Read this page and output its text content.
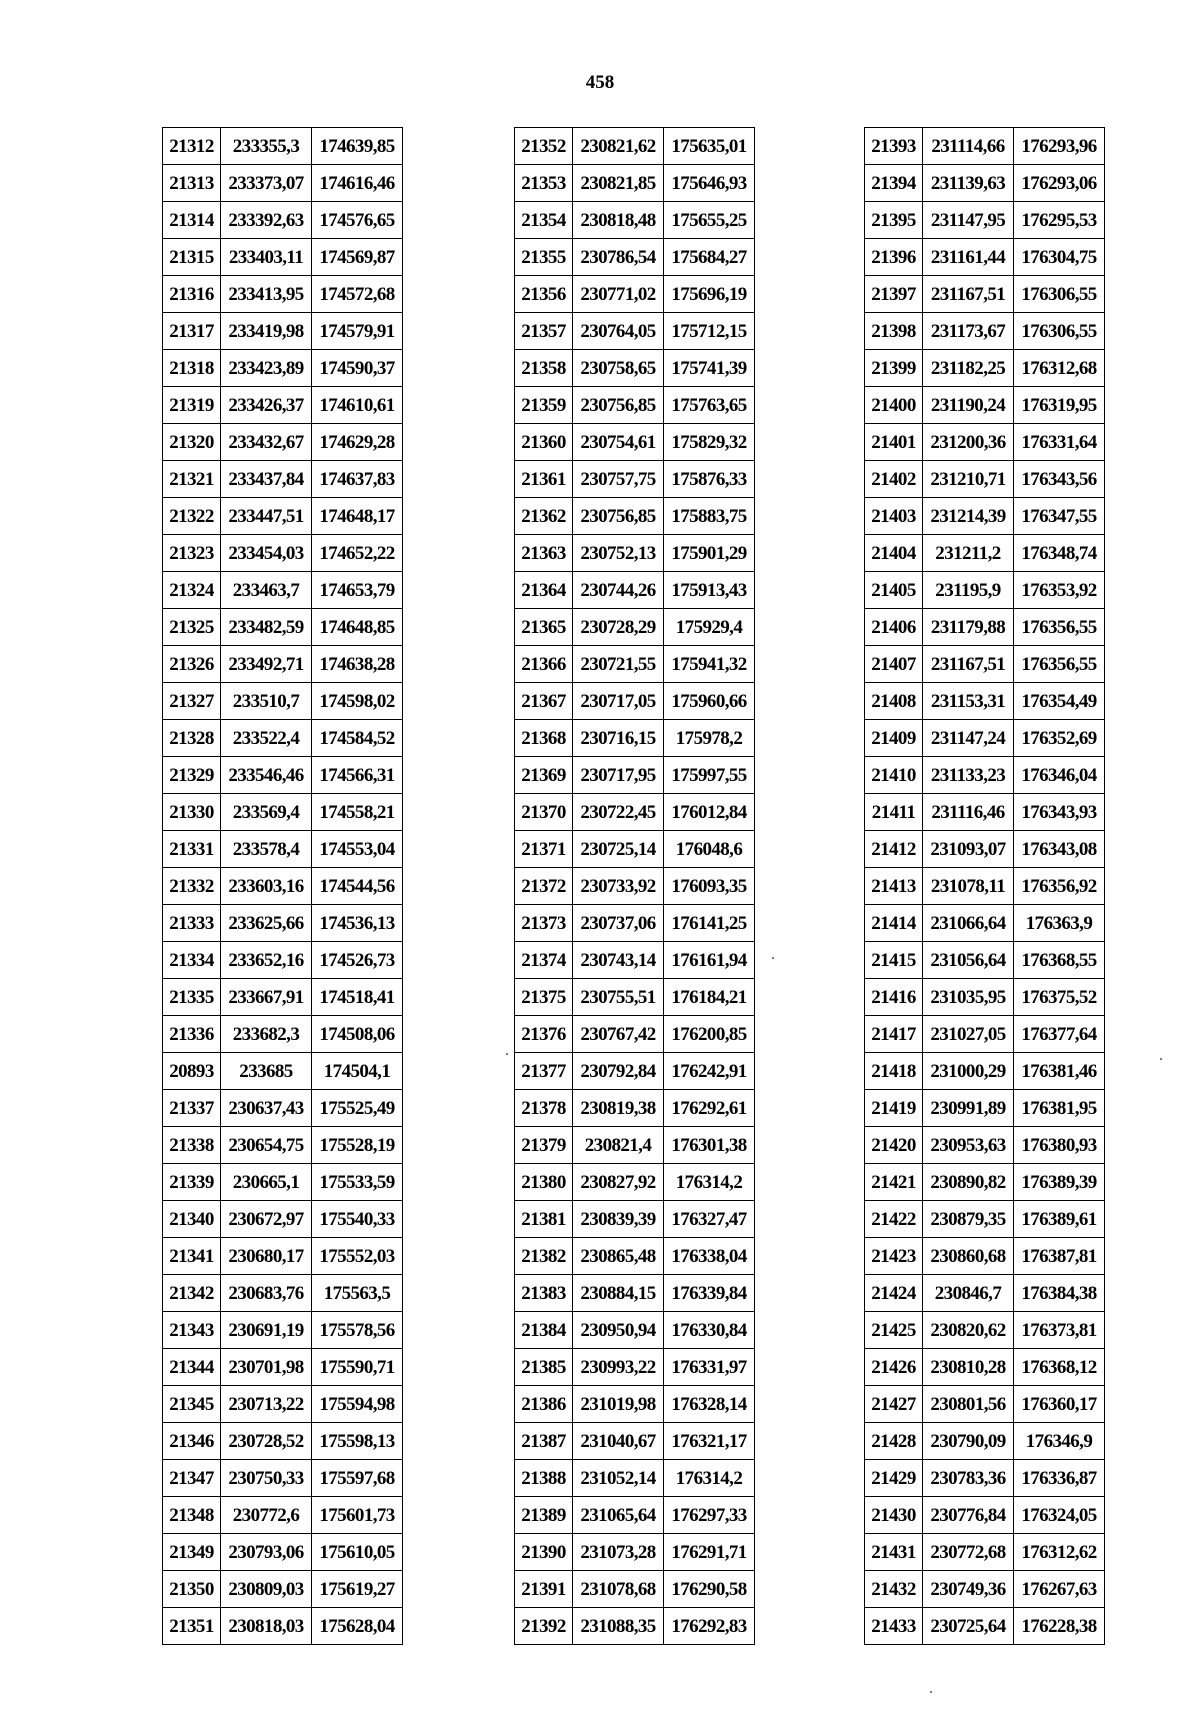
458
21312	233355,3	174639,85
21313	233373,07	174616,46
21314	233392,63	174576,65
21315	233403,11	174569,87
21316	233413,95	174572,68
21317	233419,98	174579,91
21318	233423,89	174590,37
21319	233426,37	174610,61
21320	233432,67	174629,28
21321	233437,84	174637,83
21322	233447,51	174648,17
21323	233454,03	174652,22
21324	233463,7	174653,79
21325	233482,59	174648,85
21326	233492,71	174638,28
21327	233510,7	174598,02
21328	233522,4	174584,52
21329	233546,46	174566,31
21330	233569,4	174558,21
21331	233578,4	174553,04
21332	233603,16	174544,56
21333	233625,66	174536,13
21334	233652,16	174526,73
21335	233667,91	174518,41
21336	233682,3	174508,06
20893	233685	174504,1
21337	230637,43	175525,49
21338	230654,75	175528,19
21339	230665,1	175533,59
21340	230672,97	175540,33
21341	230680,17	175552,03
21342	230683,76	175563,5
21343	230691,19	175578,56
21344	230701,98	175590,71
21345	230713,22	175594,98
21346	230728,52	175598,13
21347	230750,33	175597,68
21348	230772,6	175601,73
21349	230793,06	175610,05
21350	230809,03	175619,27
21351	230818,03	175628,04
21352	230821,62	175635,01
21353	230821,85	175646,93
21354	230818,48	175655,25
21355	230786,54	175684,27
21356	230771,02	175696,19
21357	230764,05	175712,15
21358	230758,65	175741,39
21359	230756,85	175763,65
21360	230754,61	175829,32
21361	230757,75	175876,33
21362	230756,85	175883,75
21363	230752,13	175901,29
21364	230744,26	175913,43
21365	230728,29	175929,4
21366	230721,55	175941,32
21367	230717,05	175960,66
21368	230716,15	175978,2
21369	230717,95	175997,55
21370	230722,45	176012,84
21371	230725,14	176048,6
21372	230733,92	176093,35
21373	230737,06	176141,25
21374	230743,14	176161,94
21375	230755,51	176184,21
21376	230767,42	176200,85
21377	230792,84	176242,91
21378	230819,38	176292,61
21379	230821,4	176301,38
21380	230827,92	176314,2
21381	230839,39	176327,47
21382	230865,48	176338,04
21383	230884,15	176339,84
21384	230950,94	176330,84
21385	230993,22	176331,97
21386	231019,98	176328,14
21387	231040,67	176321,17
21388	231052,14	176314,2
21389	231065,64	176297,33
21390	231073,28	176291,71
21391	231078,68	176290,58
21392	231088,35	176292,83
21393	231114,66	176293,96
21394	231139,63	176293,06
21395	231147,95	176295,53
21396	231161,44	176304,75
21397	231167,51	176306,55
21398	231173,67	176306,55
21399	231182,25	176312,68
21400	231190,24	176319,95
21401	231200,36	176331,64
21402	231210,71	176343,56
21403	231214,39	176347,55
21404	231211,2	176348,74
21405	231195,9	176353,92
21406	231179,88	176356,55
21407	231167,51	176356,55
21408	231153,31	176354,49
21409	231147,24	176352,69
21410	231133,23	176346,04
21411	231116,46	176343,93
21412	231093,07	176343,08
21413	231078,11	176356,92
21414	231066,64	176363,9
21415	231056,64	176368,55
21416	231035,95	176375,52
21417	231027,05	176377,64
21418	231000,29	176381,46
21419	230991,89	176381,95
21420	230953,63	176380,93
21421	230890,82	176389,39
21422	230879,35	176389,61
21423	230860,68	176387,81
21424	230846,7	176384,38
21425	230820,62	176373,81
21426	230810,28	176368,12
21427	230801,56	176360,17
21428	230790,09	176346,9
21429	230783,36	176336,87
21430	230776,84	176324,05
21431	230772,68	176312,62
21432	230749,36	176267,63
21433	230725,64	176228,38
